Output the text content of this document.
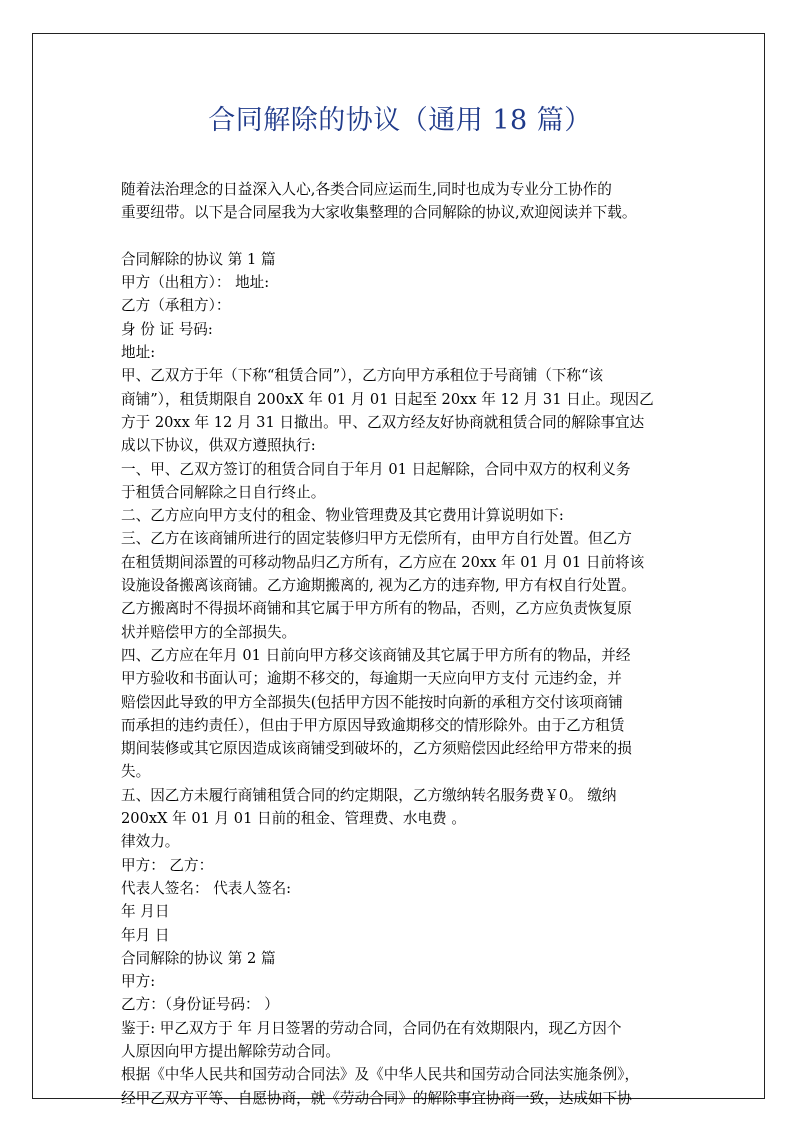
合同解除的协议（通用 18 篇）

随着法治理念的日益深入人心,各类合同应运而生,同时也成为专业分工协作的

重要纽带。以下是合同屋我为大家收集整理的合同解除的协议,欢迎阅读并下载。

合同解除的协议 第 1 篇

甲方（出租方）： 地址:

乙方（承租方）：

身 份 证 号码:

地址:

甲、乙双方于年（下称“租赁合同”），乙方向甲方承租位于号商铺（下称“该

商铺”），租赁期限自 200xX 年 01 月 01 日起至 20xx 年 12 月 31 日止。现因乙

方于 20xx 年 12 月 31 日撤出。甲、乙双方经友好协商就租赁合同的解除事宜达

成以下协议，供双方遵照执行:

一、甲、乙双方签订的租赁合同自于年月 01 日起解除，合同中双方的权利义务

于租赁合同解除之日自行终止。

二、乙方应向甲方支付的租金、物业管理费及其它费用计算说明如下:

三、乙方在该商铺所进行的固定装修归甲方无偿所有，由甲方自行处置。但乙方

在租赁期间添置的可移动物品归乙方所有，乙方应在 20xx 年 01 月 01 日前将该

设施设备搬离该商铺。乙方逾期搬离的, 视为乙方的违弃物, 甲方有权自行处置。

乙方搬离时不得损坏商铺和其它属于甲方所有的物品，否则，乙方应负责恢复原

状并赔偿甲方的全部损失。

四、乙方应在年月 01 日前向甲方移交该商铺及其它属于甲方所有的物品，并经

甲方验收和书面认可；逾期不移交的，每逾期一天应向甲方支付 元违约金，并

赔偿因此导致的甲方全部损失(包括甲方因不能按时向新的承租方交付该项商铺

而承担的违约责任），但由于甲方原因导致逾期移交的情形除外。由于乙方租赁

期间装修或其它原因造成该商铺受到破坏的，乙方须赔偿因此经给甲方带来的损

失。

五、因乙方未履行商铺租赁合同的约定期限，乙方缴纳转名服务费￥0。 缴纳

200xX 年 01 月 01 日前的租金、管理费、水电费 。

律效力。

甲方： 乙方：

代表人签名： 代表人签名:

年 月日

年月 日

合同解除的协议 第 2 篇

甲方:

乙方：（身份证号码： ）

鉴于: 甲乙双方于 年 月日签署的劳动合同，合同仍在有效期限内，现乙方因个

人原因向甲方提出解除劳动合同。

根据《中华人民共和国劳动合同法》及《中华人民共和国劳动合同法实施条例》，

经甲乙双方平等、自愿协商，就《劳动合同》的解除事宜协商一致，达成如下协
